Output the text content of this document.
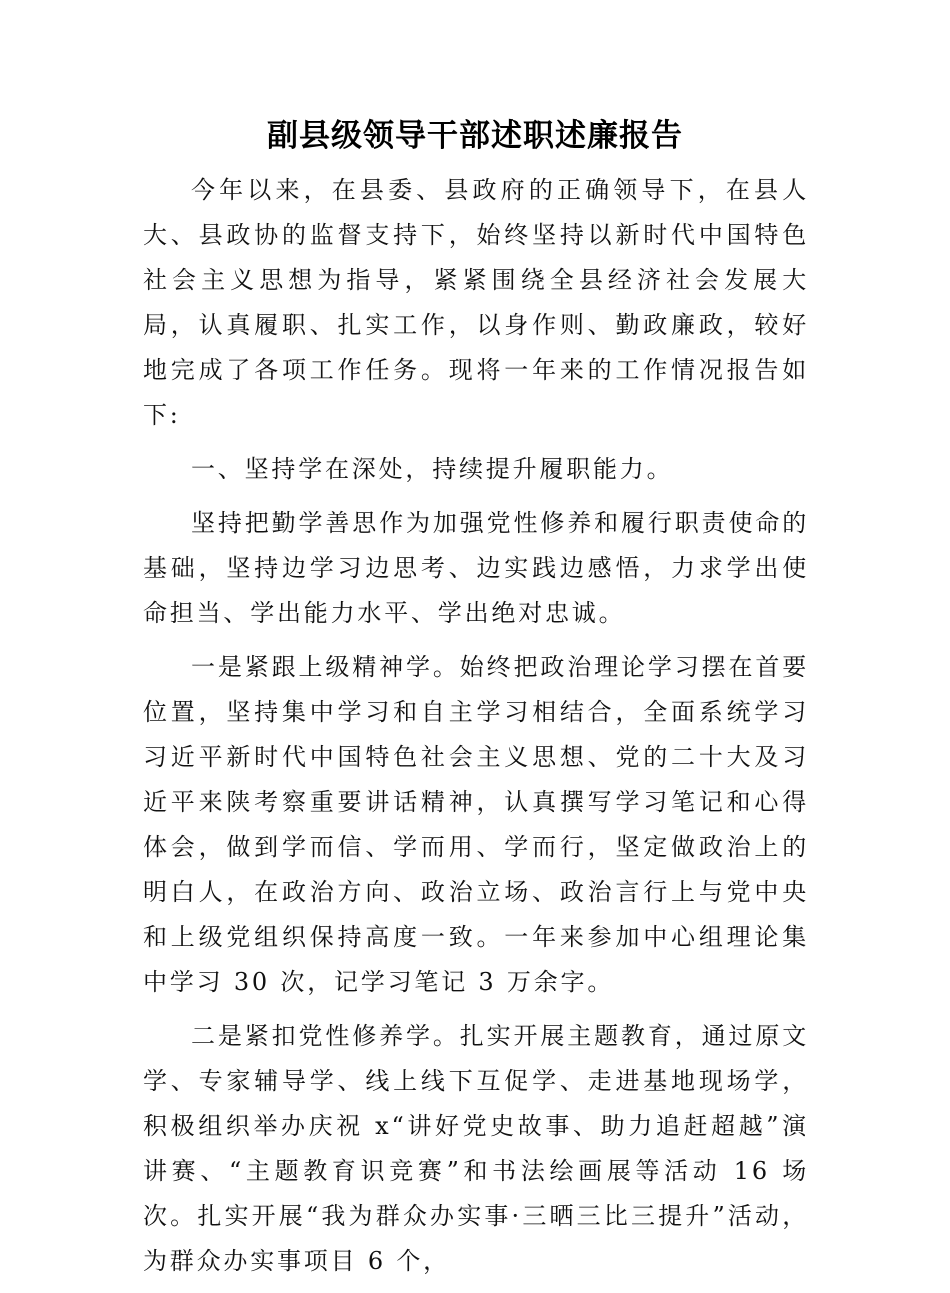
副县级领导干部述职述廉报告

今年以来，在县委、县政府的正确领导下，在县人大、县政协的监督支持下，始终坚持以新时代中国特色社会主义思想为指导，紧紧围绕全县经济社会发展大局，认真履职、扎实工作，以身作则、勤政廉政，较好地完成了各项工作任务。现将一年来的工作情况报告如下:

一、坚持学在深处，持续提升履职能力。

坚持把勤学善思作为加强党性修养和履行职责使命的基础，坚持边学习边思考、边实践边感悟，力求学出使命担当、学出能力水平、学出绝对忠诚。

一是紧跟上级精神学。始终把政治理论学习摆在首要位置，坚持集中学习和自主学习相结合，全面系统学习习近平新时代中国特色社会主义思想、党的二十大及习近平来陕考察重要讲话精神，认真撰写学习笔记和心得体会，做到学而信、学而用、学而行，坚定做政治上的明白人，在政治方向、政治立场、政治言行上与党中央和上级党组织保持高度一致。一年来参加中心组理论集中学习 30 次，记学习笔记 3 万余字。

二是紧扣党性修养学。扎实开展主题教育，通过原文学、专家辅导学、线上线下互促学、走进基地现场学，积极组织举办庆祝 x“讲好党史故事、助力追赶超越”演讲赛、“主题教育识竞赛”和书法绘画展等活动 16 场次。扎实开展“我为群众办实事·三晒三比三提升”活动，为群众办实事项目 6 个，
